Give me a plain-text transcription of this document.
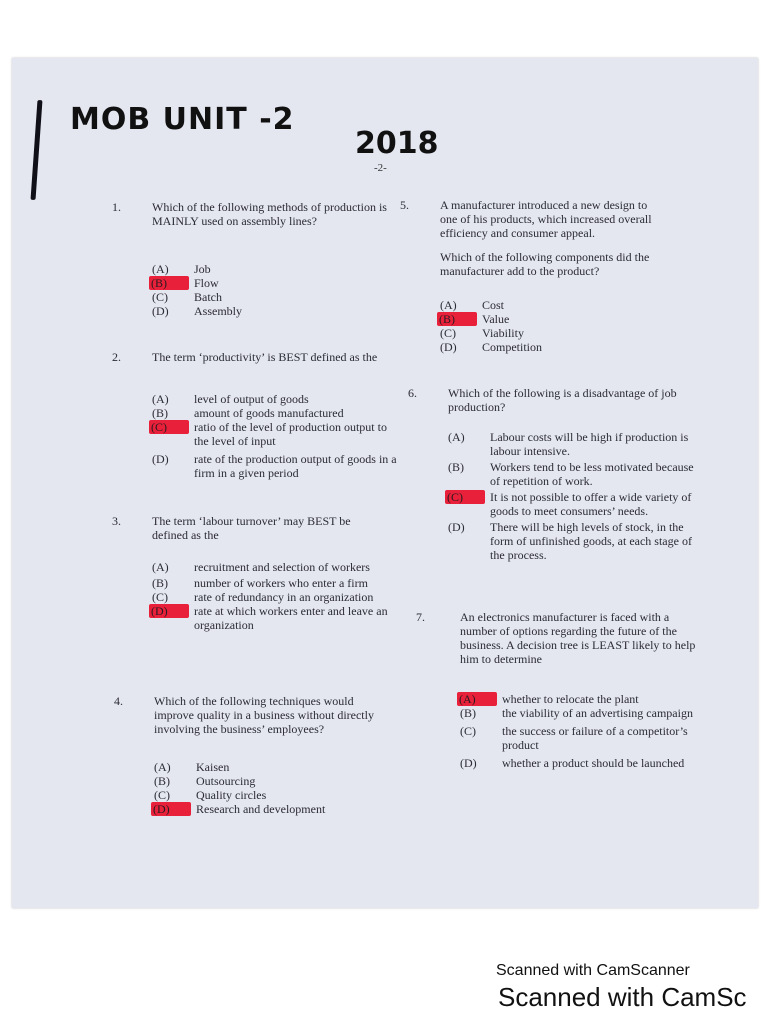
MOB UNIT -2
2018
-2-
1.	Which of the following methods of production is MAINLY used on assembly lines?

(A)	Job
(B)	Flow
(C)	Batch
(D)	Assembly
2.	The term ‘productivity’ is BEST defined as the

(A)	level of output of goods
(B)	amount of goods manufactured
(C)	ratio of the level of production output to the level of input
(D)	rate of the production output of goods in a firm in a given period
3.	The term ‘labour turnover’ may BEST be defined as the

(A)	recruitment and selection of workers
(B)	number of workers who enter a firm
(C)	rate of redundancy in an organization
(D)	rate at which workers enter and leave an organization
4.	Which of the following techniques would improve quality in a business without directly involving the business’ employees?

(A)	Kaisen
(B)	Outsourcing
(C)	Quality circles
(D)	Research and development
5.	A manufacturer introduced a new design to one of his products, which increased overall efficiency and consumer appeal.

Which of the following components did the manufacturer add to the product?

(A)	Cost
(B)	Value
(C)	Viability
(D)	Competition
6.	Which of the following is a disadvantage of job production?

(A)	Labour costs will be high if production is labour intensive.
(B)	Workers tend to be less motivated because of repetition of work.
(C)	It is not possible to offer a wide variety of goods to meet consumers’ needs.
(D)	There will be high levels of stock, in the form of unfinished goods, at each stage of the process.
7.	An electronics manufacturer is faced with a number of options regarding the future of the business. A decision tree is LEAST likely to help him to determine

(A)	whether to relocate the plant
(B)	the viability of an advertising campaign
(C)	the success or failure of a competitor’s product
(D)	whether a product should be launched
Scanned with CamScanner
Scanned with CamSc
